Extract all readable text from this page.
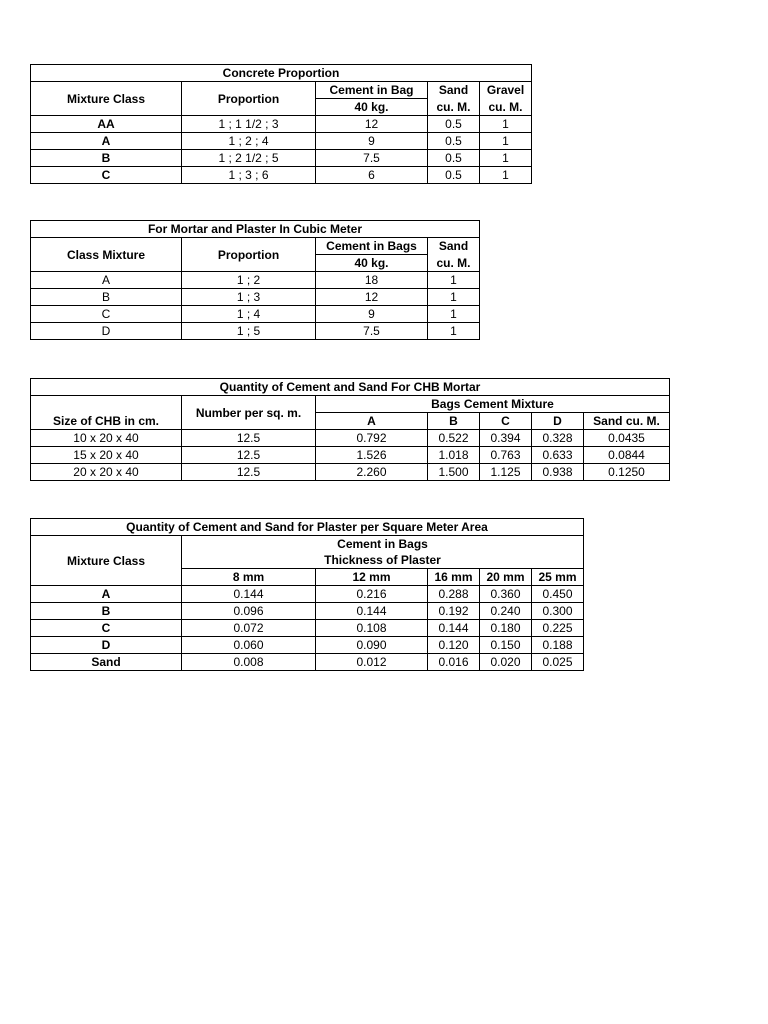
Concrete Proportion				
Mixture Class	Proportion	Cement in Bag	Sand	Gravel
		40 kg.	cu. M.	cu. M.
AA	1 ; 1 1/2 ; 3	12	0.5	1
A	1 ; 2 ; 4	9	0.5	1
B	1 ; 2 1/2 ; 5	7.5	0.5	1
C	1 ; 3 ; 6	6	0.5	1
For Mortar and Plaster In Cubic Meter			
Class Mixture	Proportion	Cement in Bags	Sand
		40 kg.	cu. M.
A	1 ; 2	18	1
B	1 ; 3	12	1
C	1 ; 4	9	1
D	1 ; 5	7.5	1
Quantity of Cement and Sand For CHB Mortar						
	Number per sq. m.	Bags Cement Mixture				
Size of CHB in cm.		A	B	C	D	Sand cu. M.
10 x 20 x 40	12.5	0.792	0.522	0.394	0.328	0.0435
15 x 20 x 40	12.5	1.526	1.018	0.763	0.633	0.0844
20 x 20 x 40	12.5	2.260	1.500	1.125	0.938	0.1250
Quantity of Cement and Sand for Plaster per Square Meter Area					
Mixture Class	Cement in Bags				
	Thickness of Plaster				
	8 mm	12 mm	16 mm	20 mm	25 mm
A	0.144	0.216	0.288	0.360	0.450
B	0.096	0.144	0.192	0.240	0.300
C	0.072	0.108	0.144	0.180	0.225
D	0.060	0.090	0.120	0.150	0.188
Sand	0.008	0.012	0.016	0.020	0.025
